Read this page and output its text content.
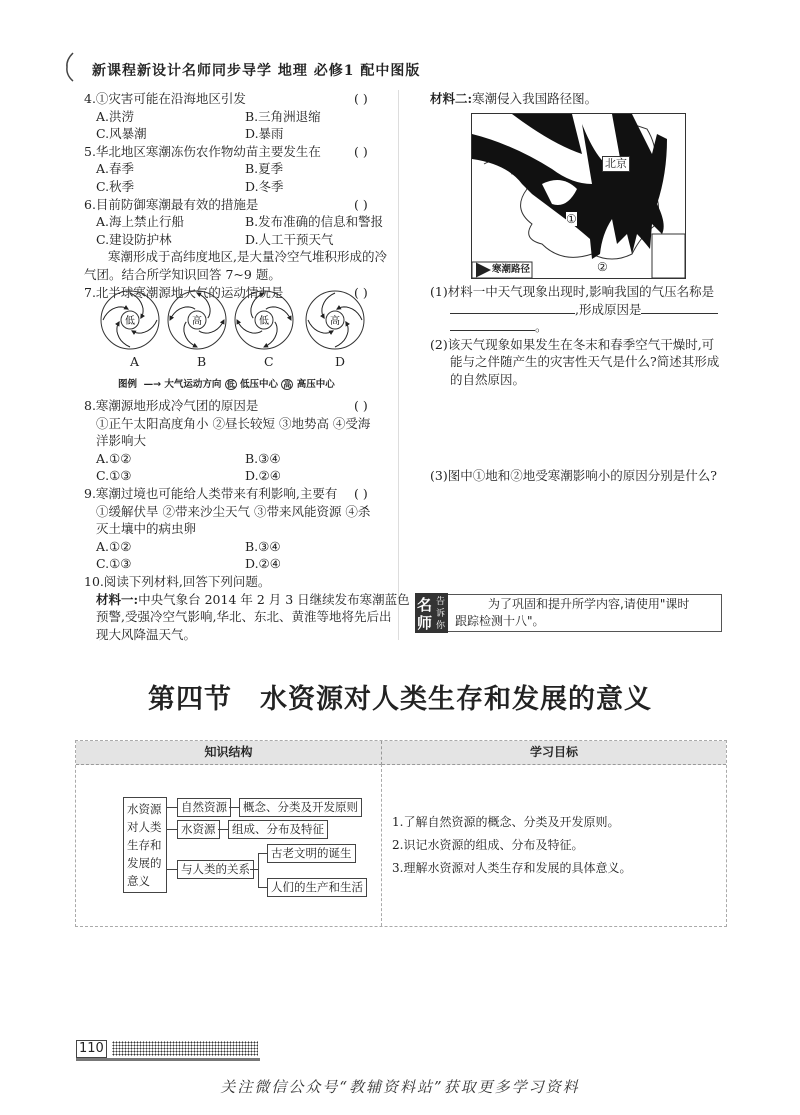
新课程新设计名师同步导学 地理 必修1 配中图版
4.①灾害可能在沿海地区引发	( )
A.洪涝	B.三角洲退缩
C.风暴潮	D.暴雨
5.华北地区寒潮冻伤农作物幼苗主要发生在	( )
A.春季	B.夏季
C.秋季	D.冬季
6.目前防御寒潮最有效的措施是	( )
A.海上禁止行船	B.发布准确的信息和警报
C.建设防护林	D.人工干预天气
寒潮形成于高纬度地区,是大量冷空气堆积形成的冷
气团。结合所学知识回答 7~9 题。
7.北半球寒潮源地大气的运动情况是	( )
低	高	低	高
A	B	C	D
图例  —→ 大气运动方向 低 低压中心 高 高压中心
8.寒潮源地形成冷气团的原因是	( )
①正午太阳高度角小 ②昼长较短 ③地势高 ④受海
洋影响大
A.①②	B.③④
C.①③	D.②④
9.寒潮过境也可能给人类带来有利影响,主要有 ( )
①缓解伏旱 ②带来沙尘天气 ③带来风能资源 ④杀
灭土壤中的病虫卵
A.①②	B.③④
C.①③	D.②④
10.阅读下列材料,回答下列问题。
材料一:中央气象台 2014 年 2 月 3 日继续发布寒潮蓝色
预警,受强冷空气影响,华北、东北、黄淮等地将先后出
现大风降温天气。
材料二:寒潮侵入我国路径图。
北京
①
②
寒潮路径
(1)材料一中天气现象出现时,影响我国的气压名称是
,形成原因是
。
(2)该天气现象如果发生在冬末和春季空气干燥时,可
能与之伴随产生的灾害性天气是什么?简述其形成
的自然原因。
(3)图中①地和②地受寒潮影响小的原因分别是什么?
名
师
告
诉
你
为了巩固和提升所学内容,请使用"课时
跟踪检测十八"。
第四节　水资源对人类生存和发展的意义
知识结构	学习目标
水资源
对人类
生存和
发展的
意义
自然资源	概念、分类及开发原则
水资源	组成、分布及特征
与人类的关系
古老文明的诞生
人们的生产和生活
1.了解自然资源的概念、分类及开发原则。
2.识记水资源的组成、分布及特征。
3.理解水资源对人类生存和发展的具体意义。
110
关注微信公众号“教辅资料站”获取更多学习资料
